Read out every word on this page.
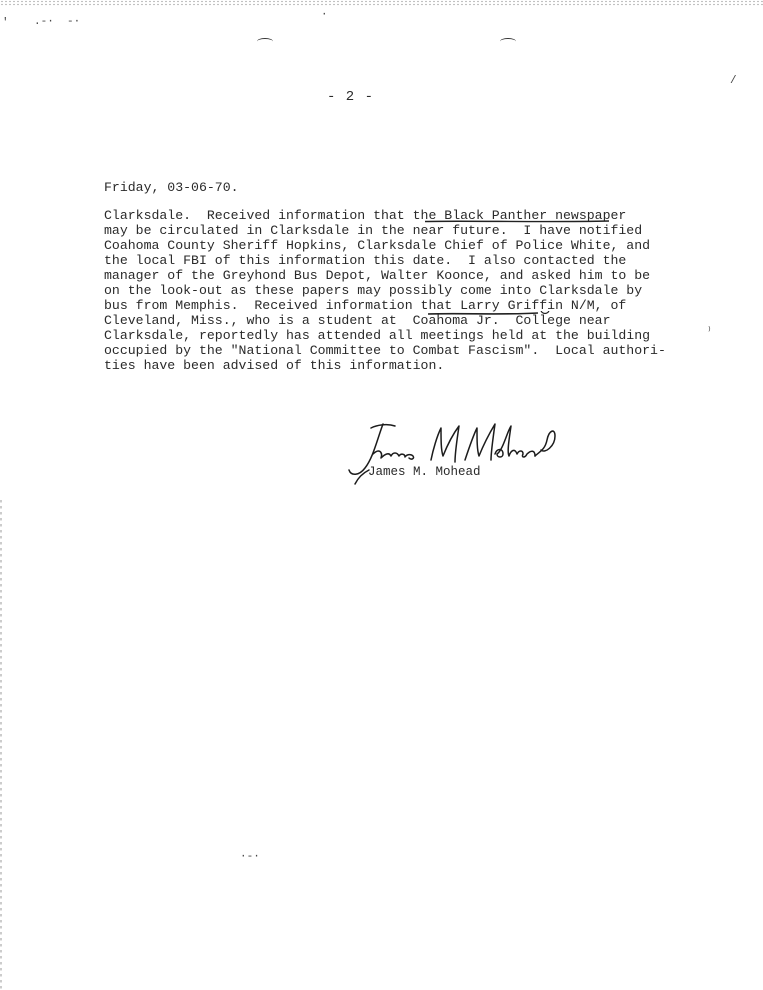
' .-· -·
·
/
⁾
·-·
- 2 -
Friday, 03-06-70.
Clarksdale.  Received information that the Black Panther newspaper
may be circulated in Clarksdale in the near future.  I have notified
Coahoma County Sheriff Hopkins, Clarksdale Chief of Police White, and
the local FBI of this information this date.  I also contacted the
manager of the Greyhond Bus Depot, Walter Koonce, and asked him to be
on the look-out as these papers may possibly come into Clarksdale by
bus from Memphis.  Received information that Larry Griffin N/M, of
Cleveland, Miss., who is a student at  Coahoma Jr.  College near
Clarksdale, reportedly has attended all meetings held at the building
occupied by the "National Committee to Combat Fascism".  Local authori-
ties have been advised of this information.
James M. Mohead
